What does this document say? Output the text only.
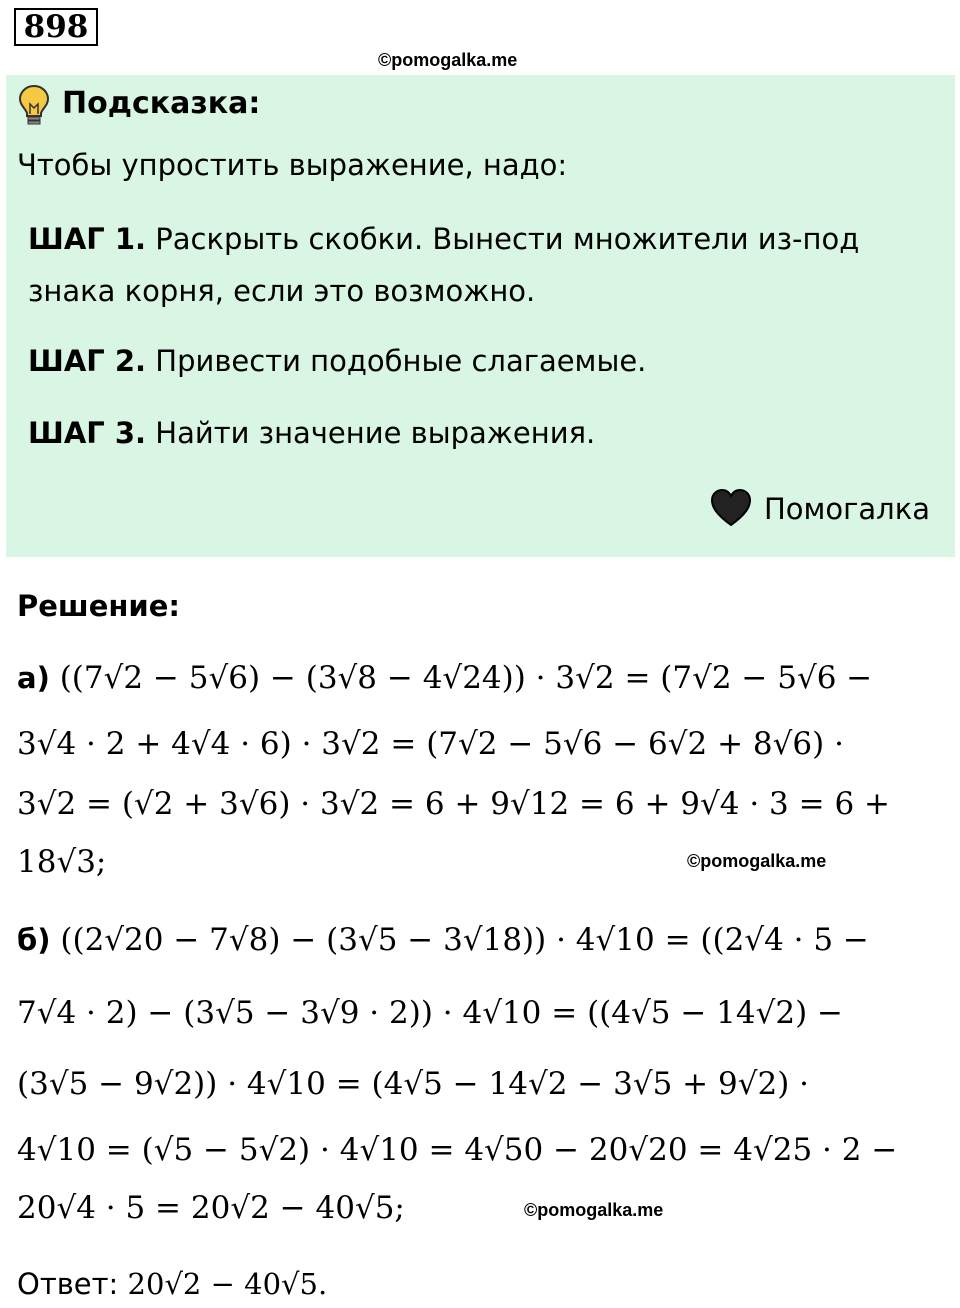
898
©pomogalka.me
Подсказка:
Чтобы упростить выражение, надо:
ШАГ 1. Раскрыть скобки. Вынести множители из-под
знака корня, если это возможно.
ШАГ 2. Привести подобные слагаемые.
ШАГ 3. Найти значение выражения.
Помогалка
Решение:
а) ((7√2 − 5√6) − (3√8 − 4√24)) · 3√2 = (7√2 − 5√6 −
3√4 · 2 + 4√4 · 6) · 3√2 = (7√2 − 5√6 − 6√2 + 8√6) ·
3√2 = (√2 + 3√6) · 3√2 = 6 + 9√12 = 6 + 9√4 · 3 = 6 +
18√3;	©pomogalka.me
б) ((2√20 − 7√8) − (3√5 − 3√18)) · 4√10 = ((2√4 · 5 −
7√4 · 2) − (3√5 − 3√9 · 2)) · 4√10 = ((4√5 − 14√2) −
(3√5 − 9√2)) · 4√10 = (4√5 − 14√2 − 3√5 + 9√2) ·
4√10 = (√5 − 5√2) · 4√10 = 4√50 − 20√20 = 4√25 · 2 −
20√4 · 5 = 20√2 − 40√5;	©pomogalka.me
Ответ: 20√2 − 40√5.
